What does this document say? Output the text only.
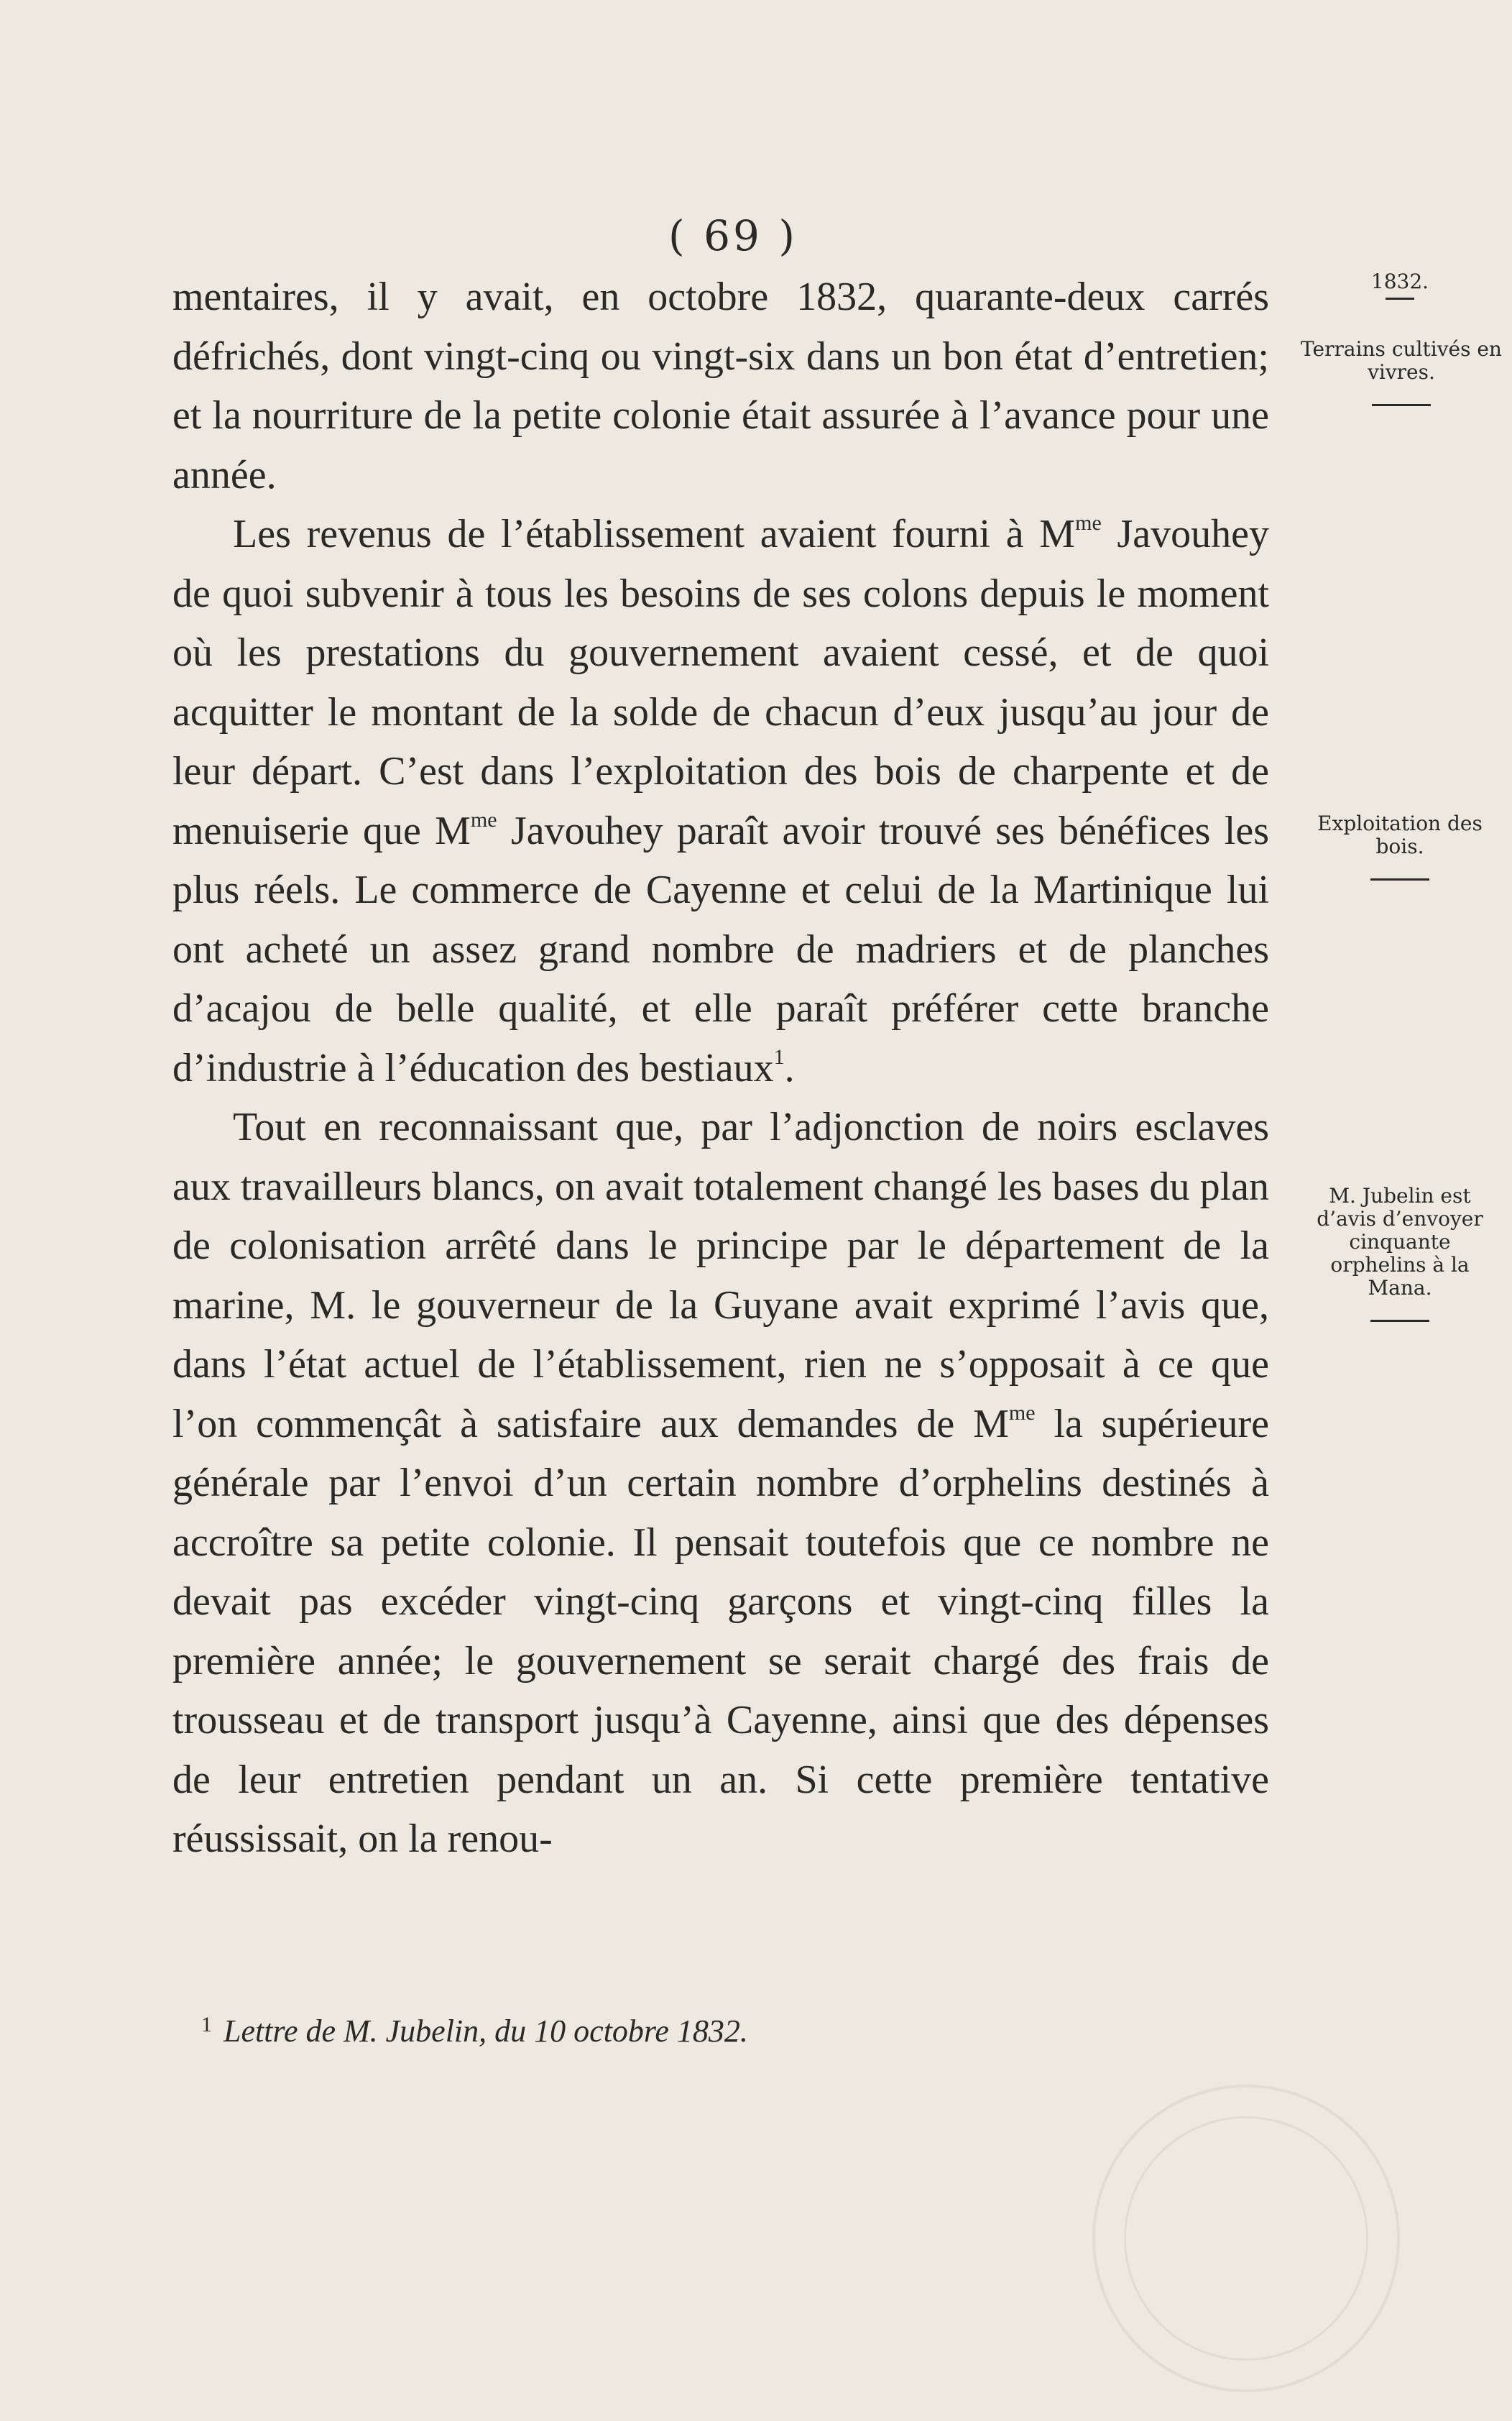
( 69 )
1832.
Terrains cultivés en vivres.
Exploitation des bois.
M. Jubelin est d’avis d’envoyer cinquante orphelins à la Mana.

mentaires, il y avait, en octobre 1832, quarante-deux carrés défrichés, dont vingt-cinq ou vingt-six dans un bon état d’entretien; et la nourriture de la petite colonie était assurée à l’avance pour une année.

Les revenus de l’établissement avaient fourni à $M^{me}$ Javouhey de quoi subvenir à tous les besoins de ses colons depuis le moment où les prestations du gouvernement avaient cessé, et de quoi acquitter le montant de la solde de chacun d’eux jusqu’au jour de leur départ. C’est dans l’exploitation des bois de charpente et de menuiserie que $M^{me}$ Javouhey paraît avoir trouvé ses bénéfices les plus réels. Le commerce de Cayenne et celui de la Martinique lui ont acheté un assez grand nombre de madriers et de planches d’acajou de belle qualité, et elle paraît préférer cette branche d’industrie à l’éducation des bestiaux$^1$.

Tout en reconnaissant que, par l’adjonction de noirs esclaves aux travailleurs blancs, on avait totalement changé les bases du plan de colonisation arrêté dans le principe par le département de la marine, M. le gouverneur de la Guyane avait exprimé l’avis que, dans l’état actuel de l’établissement, rien ne s’opposait à ce que l’on commençât à satisfaire aux demandes de $M^{me}$ la supérieure générale par l’envoi d’un certain nombre d’orphelins destinés à accroître sa petite colonie. Il pensait toutefois que ce nombre ne devait pas excéder vingt-cinq garçons et vingt-cinq filles la première année; le gouvernement se serait chargé des frais de trousseau et de transport jusqu’à Cayenne, ainsi que des dépenses de leur entretien pendant un an. Si cette première tentative réussissait, on la renou-

$^1$ Lettre de M. Jubelin, du 10 octobre 1832.
